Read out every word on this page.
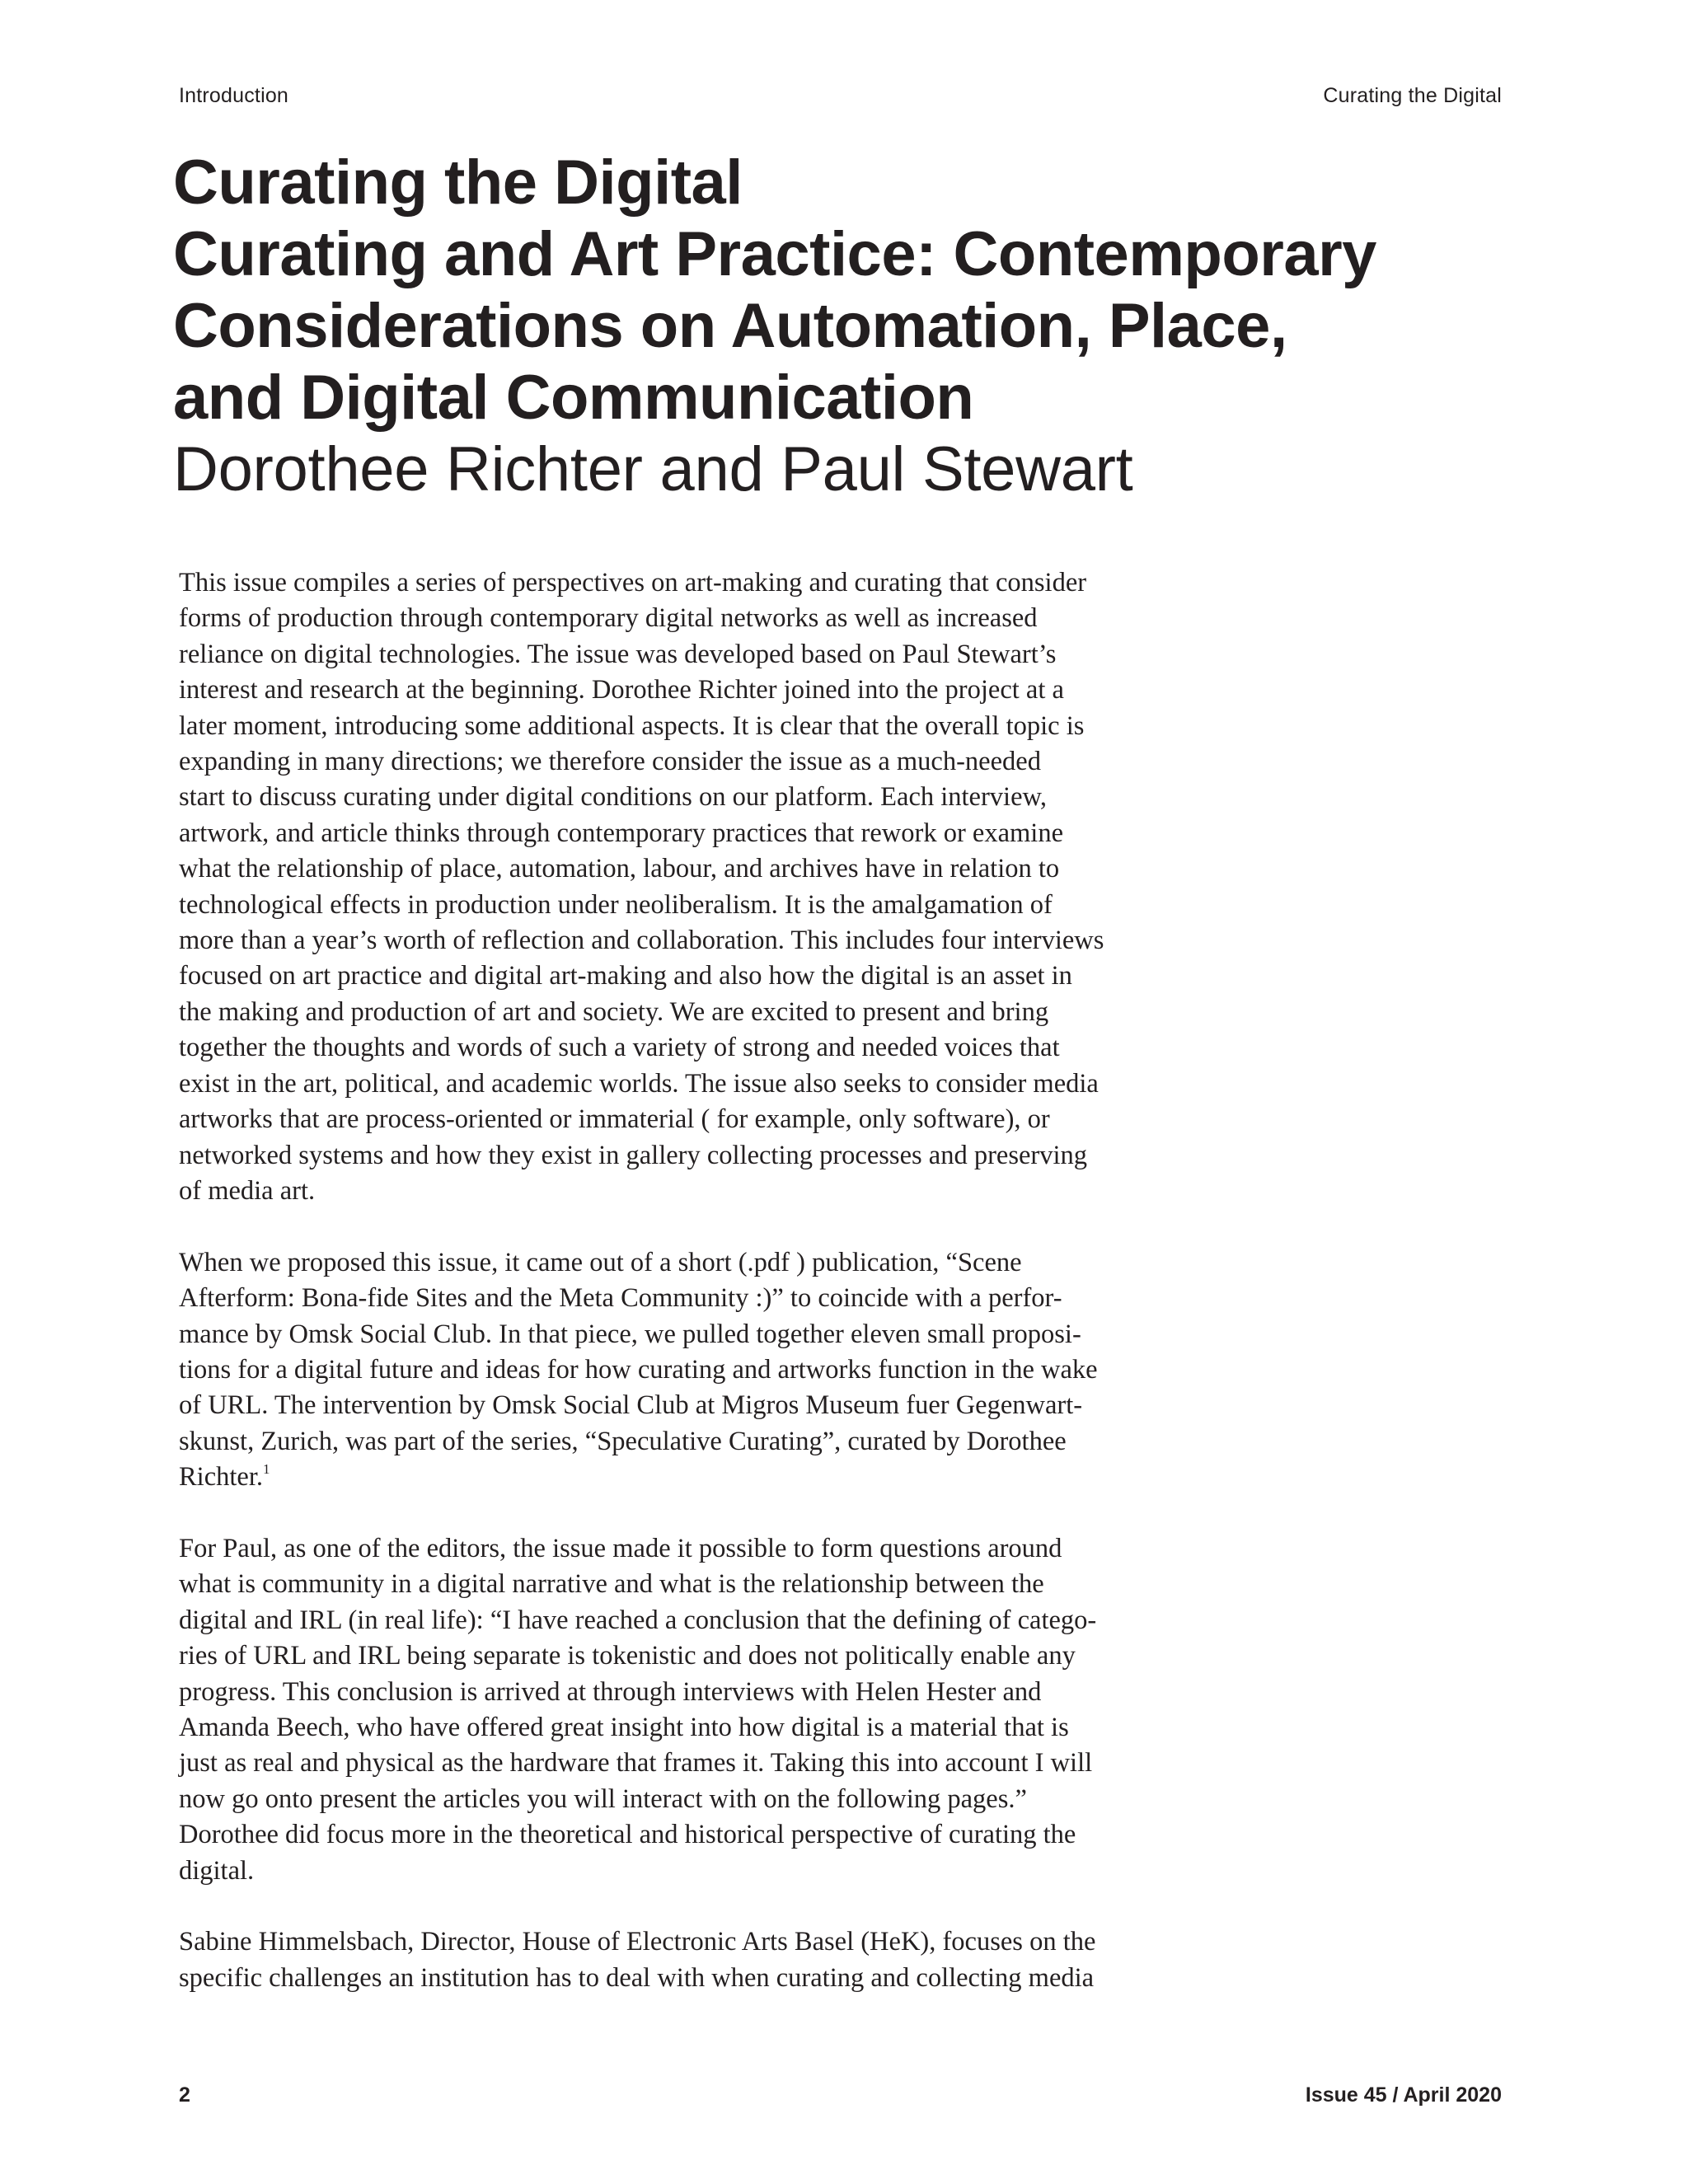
Introduction	Curating the Digital
Curating the Digital
Curating and Art Practice: Contemporary
Considerations on Automation, Place,
and Digital Communication
Dorothee Richter and Paul Stewart

This issue compiles a series of perspectives on art-making and curating that consider
forms of production through contemporary digital networks as well as increased
reliance on digital technologies. The issue was developed based on Paul Stewart’s
interest and research at the beginning. Dorothee Richter joined into the project at a
later moment, introducing some additional aspects. It is clear that the overall topic is
expanding in many directions; we therefore consider the issue as a much-needed
start to discuss curating under digital conditions on our platform. Each interview,
artwork, and article thinks through contemporary practices that rework or examine
what the relationship of place, automation, labour, and archives have in relation to
technological effects in production under neoliberalism. It is the amalgamation of
more than a year’s worth of reflection and collaboration. This includes four interviews
focused on art practice and digital art-making and also how the digital is an asset in
the making and production of art and society. We are excited to present and bring
together the thoughts and words of such a variety of strong and needed voices that
exist in the art, political, and academic worlds. The issue also seeks to consider media
artworks that are process-oriented or immaterial ( for example, only software), or
networked systems and how they exist in gallery collecting processes and preserving
of media art.

When we proposed this issue, it came out of a short (.pdf ) publication, “Scene
Afterform: Bona-fide Sites and the Meta Community :)” to coincide with a perfor-
mance by Omsk Social Club. In that piece, we pulled together eleven small proposi-
tions for a digital future and ideas for how curating and artworks function in the wake
of URL. The intervention by Omsk Social Club at Migros Museum fuer Gegenwart-
skunst, Zurich, was part of the series, “Speculative Curating”, curated by Dorothee
Richter.$^1$

For Paul, as one of the editors, the issue made it possible to form questions around
what is community in a digital narrative and what is the relationship between the
digital and IRL (in real life): “I have reached a conclusion that the defining of catego-
ries of URL and IRL being separate is tokenistic and does not politically enable any
progress. This conclusion is arrived at through interviews with Helen Hester and
Amanda Beech, who have offered great insight into how digital is a material that is
just as real and physical as the hardware that frames it. Taking this into account I will
now go onto present the articles you will interact with on the following pages.”
Dorothee did focus more in the theoretical and historical perspective of curating the
digital.

Sabine Himmelsbach, Director, House of Electronic Arts Basel (HeK), focuses on the
specific challenges an institution has to deal with when curating and collecting media

2	Issue 45 / April 2020
